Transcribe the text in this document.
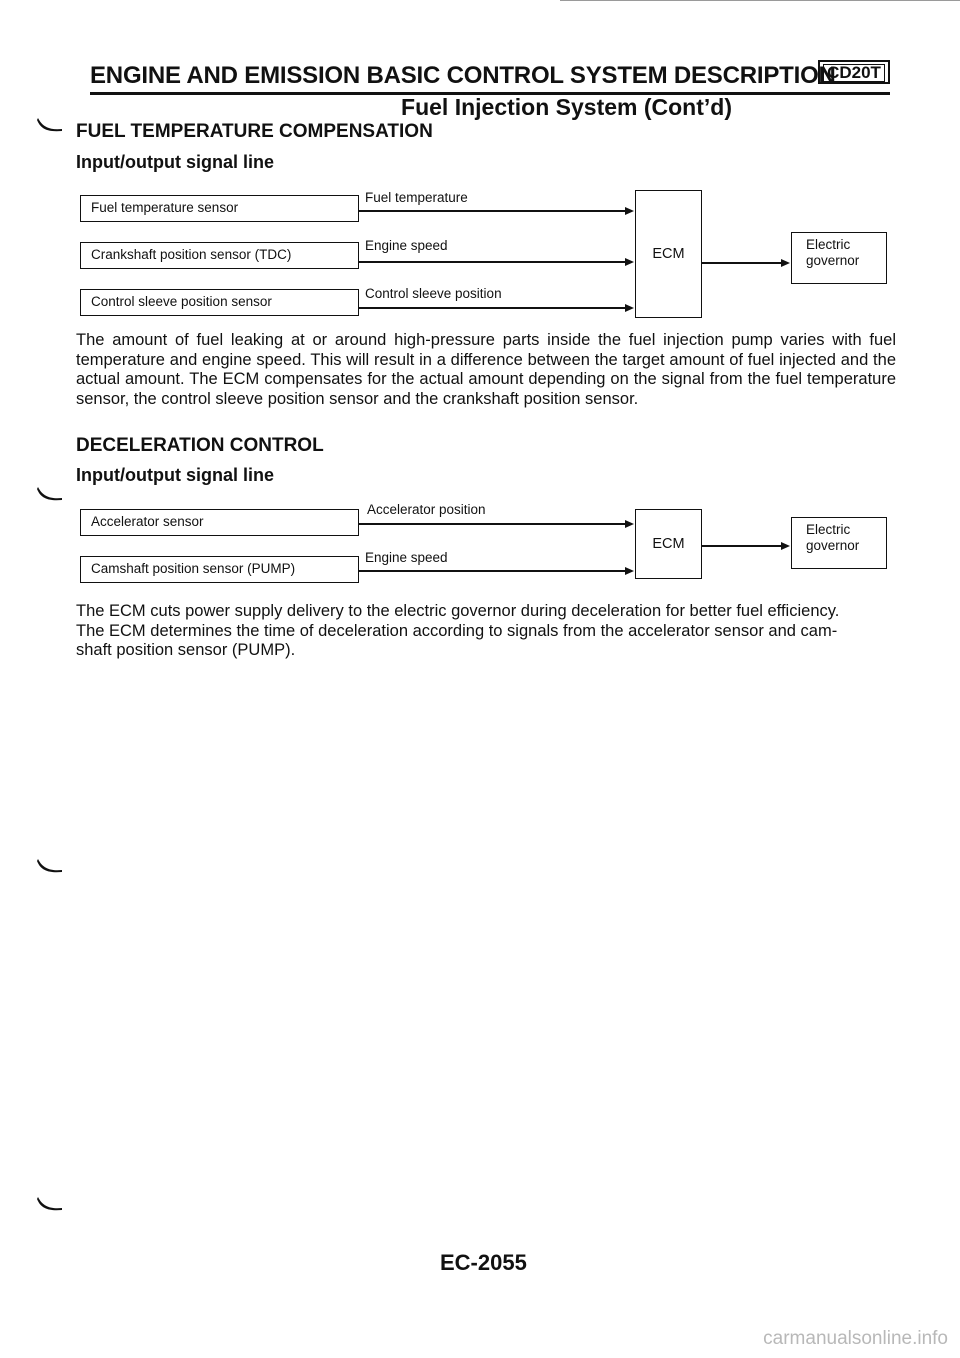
ENGINE AND EMISSION BASIC CONTROL SYSTEM DESCRIPTION
CD20T
Fuel Injection System (Cont’d)
FUEL TEMPERATURE COMPENSATION
Input/output signal line
Fuel temperature sensor
Crankshaft position sensor (TDC)
Control sleeve position sensor
Fuel temperature
Engine speed
Control sleeve position
ECM
Electric
governor

The amount of fuel leaking at or around high-pressure parts inside the fuel injection pump varies with fuel temperature and engine speed. This will result in a difference between the target amount of fuel injected and the actual amount. The ECM compensates for the actual amount depending on the signal from the fuel temperature sensor, the control sleeve position sensor and the crankshaft position sensor.

DECELERATION CONTROL
Input/output signal line
Accelerator sensor
Camshaft position sensor (PUMP)
Accelerator position
Engine speed
ECM
Electric
governor

The ECM cuts power supply delivery to the electric governor during deceleration for better fuel efficiency.

The ECM determines the time of deceleration according to signals from the accelerator sensor and cam-

shaft position sensor (PUMP).

EC-2055
carmanualsonline.info
